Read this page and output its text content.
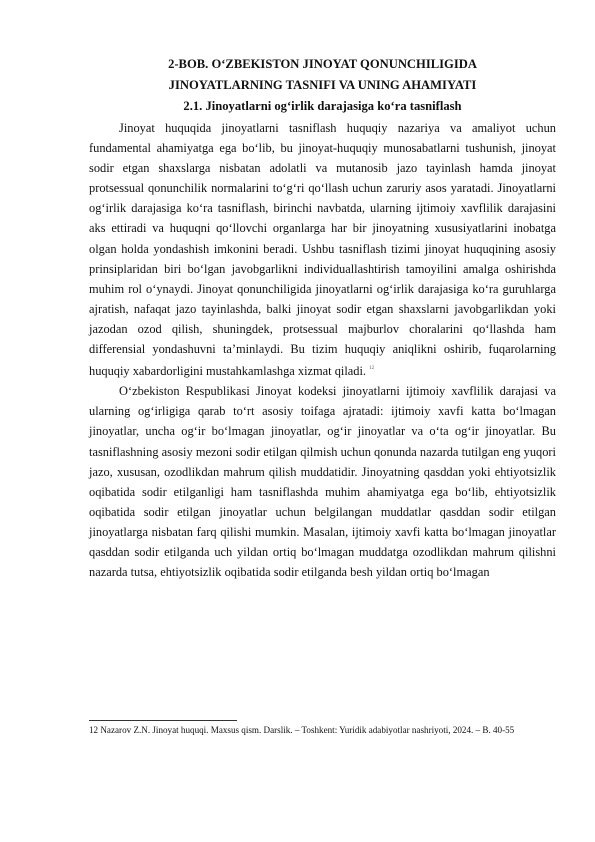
2-BOB. O‘ZBEKISTON JINOYAT QONUNCHILIGIDA
JINOYATLARNING TASNIFI VA UNING AHAMIYATI
2.1. Jinoyatlarni og‘irlik darajasiga ko‘ra tasniflash

Jinoyat huquqida jinoyatlarni tasniflash huquqiy nazariya va amaliyot uchun fundamental ahamiyatga ega bo‘lib, bu jinoyat-huquqiy munosabatlarni tushunish, jinoyat sodir etgan shaxslarga nisbatan adolatli va mutanosib jazo tayinlash hamda jinoyat protsessual qonunchilik normalarini to‘g‘ri qo‘llash uchun zaruriy asos yaratadi. Jinoyatlarni og‘irlik darajasiga ko‘ra tasniflash, birinchi navbatda, ularning ijtimoiy xavflilik darajasini aks ettiradi va huquqni qo‘llovchi organlarga har bir jinoyatning xususiyatlarini inobatga olgan holda yondashish imkonini beradi. Ushbu tasniflash tizimi jinoyat huquqining asosiy prinsiplaridan biri bo‘lgan javobgarlikni individuallashtirish tamoyilini amalga oshirishda muhim rol o‘ynaydi. Jinoyat qonunchiligida jinoyatlarni og‘irlik darajasiga ko‘ra guruhlarga ajratish, nafaqat jazo tayinlashda, balki jinoyat sodir etgan shaxslarni javobgarlikdan yoki jazodan ozod qilish, shuningdek, protsessual majburlov choralarini qo‘llashda ham differensial yondashuvni ta’minlaydi. Bu tizim huquqiy aniqlikni oshirib, fuqarolarning huquqiy xabardorligini mustahkamlashga xizmat qiladi. $^{12}$

O‘zbekiston Respublikasi Jinoyat kodeksi jinoyatlarni ijtimoiy xavflilik darajasi va ularning og‘irligiga qarab to‘rt asosiy toifaga ajratadi: ijtimoiy xavfi katta bo‘lmagan jinoyatlar, uncha og‘ir bo‘lmagan jinoyatlar, og‘ir jinoyatlar va o‘ta og‘ir jinoyatlar. Bu tasniflashning asosiy mezoni sodir etilgan qilmish uchun qonunda nazarda tutilgan eng yuqori jazo, xususan, ozodlikdan mahrum qilish muddatidir. Jinoyatning qasddan yoki ehtiyotsizlik oqibatida sodir etilganligi ham tasniflashda muhim ahamiyatga ega bo‘lib, ehtiyotsizlik oqibatida sodir etilgan jinoyatlar uchun belgilangan muddatlar qasddan sodir etilgan jinoyatlarga nisbatan farq qilishi mumkin. Masalan, ijtimoiy xavfi katta bo‘lmagan jinoyatlar qasddan sodir etilganda uch yildan ortiq bo‘lmagan muddatga ozodlikdan mahrum qilishni nazarda tutsa, ehtiyotsizlik oqibatida sodir etilganda besh yildan ortiq bo‘lmagan

12 Nazarov Z.N. Jinoyat huquqi. Maxsus qism. Darslik. – Toshkent: Yuridik adabiyotlar nashriyoti, 2024. – B. 40-55
